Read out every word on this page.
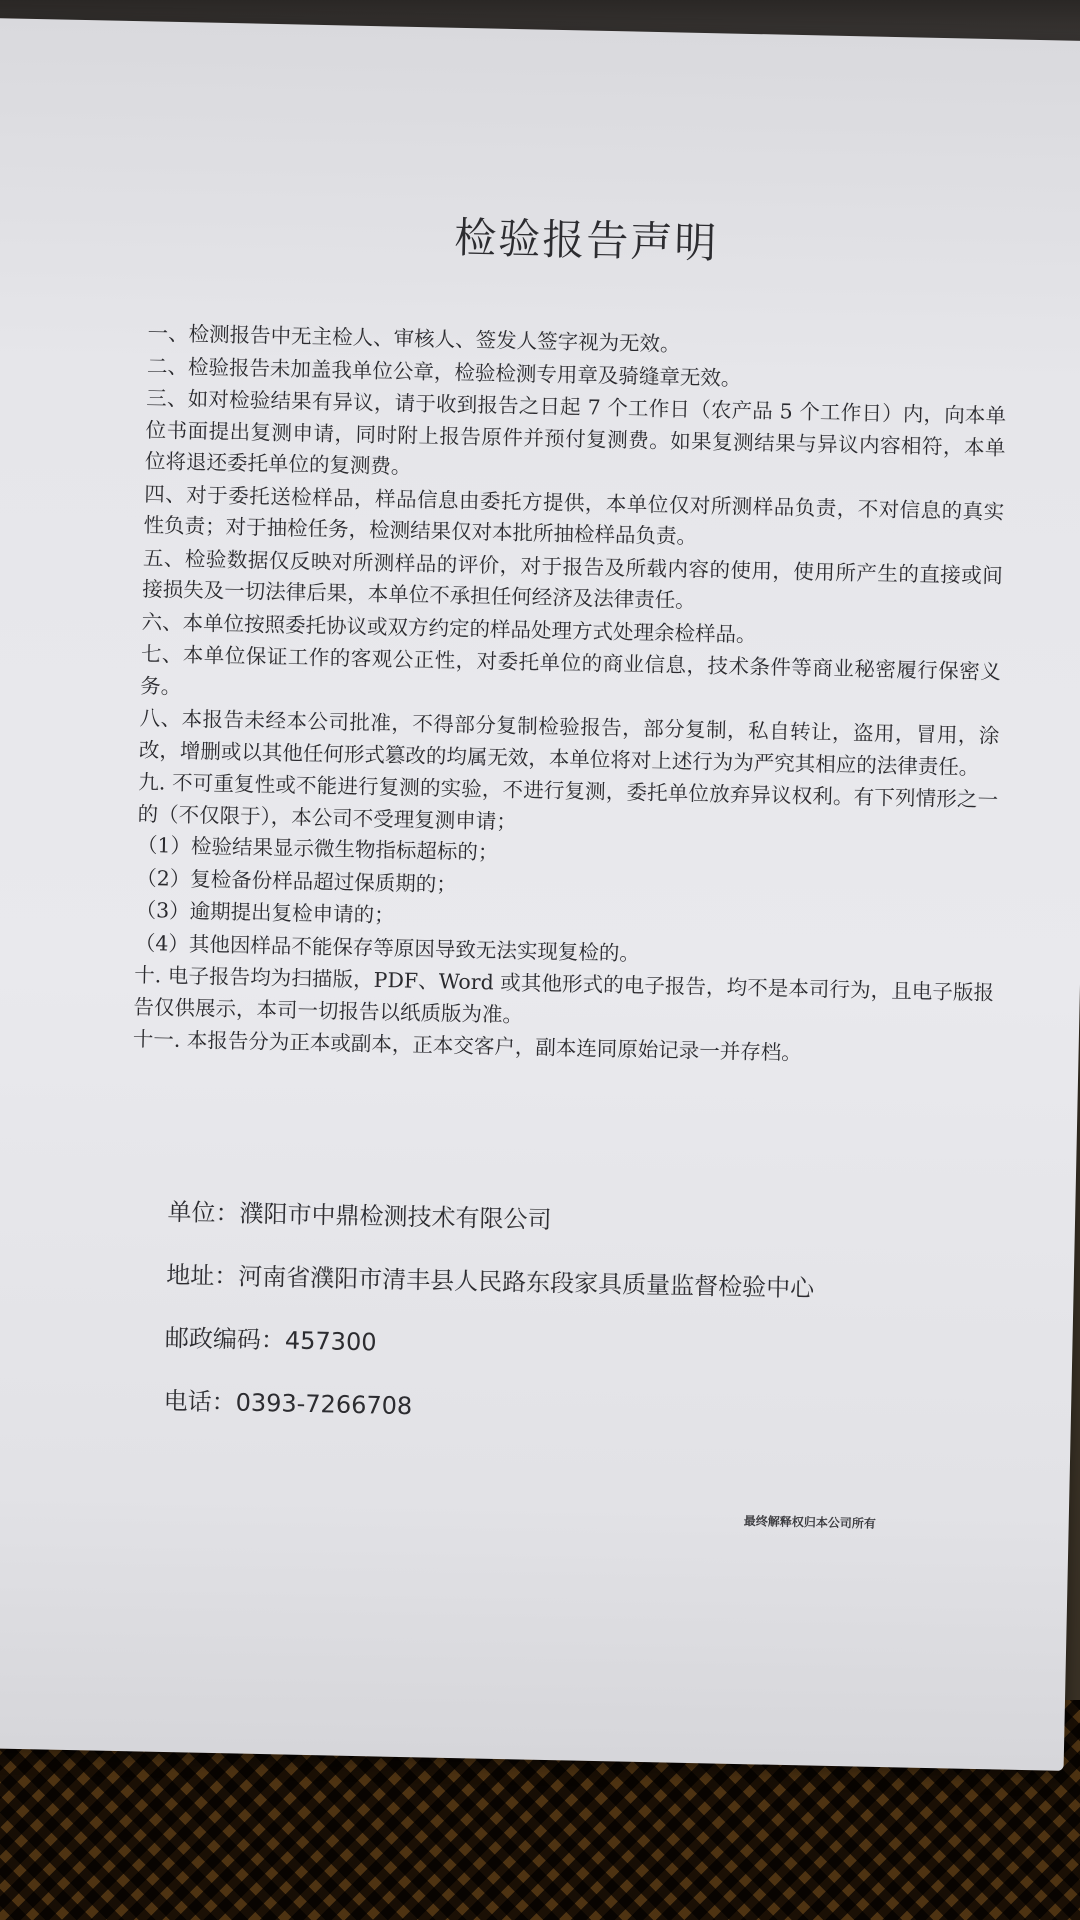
检验报告声明
一、检测报告中无主检人、审核人、签发人签字视为无效。
二、检验报告未加盖我单位公章，检验检测专用章及骑缝章无效。
三、如对检验结果有异议，请于收到报告之日起 7 个工作日（农产品 5 个工作日）内，向本单位书面提出复测申请，同时附上报告原件并预付复测费。如果复测结果与异议内容相符，本单位将退还委托单位的复测费。
四、对于委托送检样品，样品信息由委托方提供，本单位仅对所测样品负责，不对信息的真实性负责；对于抽检任务，检测结果仅对本批所抽检样品负责。
五、检验数据仅反映对所测样品的评价，对于报告及所载内容的使用，使用所产生的直接或间接损失及一切法律后果，本单位不承担任何经济及法律责任。
六、本单位按照委托协议或双方约定的样品处理方式处理余检样品。
七、本单位保证工作的客观公正性，对委托单位的商业信息，技术条件等商业秘密履行保密义务。
八、本报告未经本公司批准，不得部分复制检验报告，部分复制，私自转让，盗用，冒用，涂改，增删或以其他任何形式篡改的均属无效，本单位将对上述行为为严究其相应的法律责任。
九. 不可重复性或不能进行复测的实验，不进行复测，委托单位放弃异议权利。有下列情形之一的（不仅限于），本公司不受理复测申请；
（1）检验结果显示微生物指标超标的；
（2）复检备份样品超过保质期的；
（3）逾期提出复检申请的；
（4）其他因样品不能保存等原因导致无法实现复检的。
十. 电子报告均为扫描版，PDF、Word 或其他形式的电子报告，均不是本司行为，且电子版报告仅供展示，本司一切报告以纸质版为准。
十一. 本报告分为正本或副本，正本交客户，副本连同原始记录一并存档。
单位：濮阳市中鼎检测技术有限公司
地址：河南省濮阳市清丰县人民路东段家具质量监督检验中心
邮政编码：457300
电话：0393-7266708
最终解释权归本公司所有
